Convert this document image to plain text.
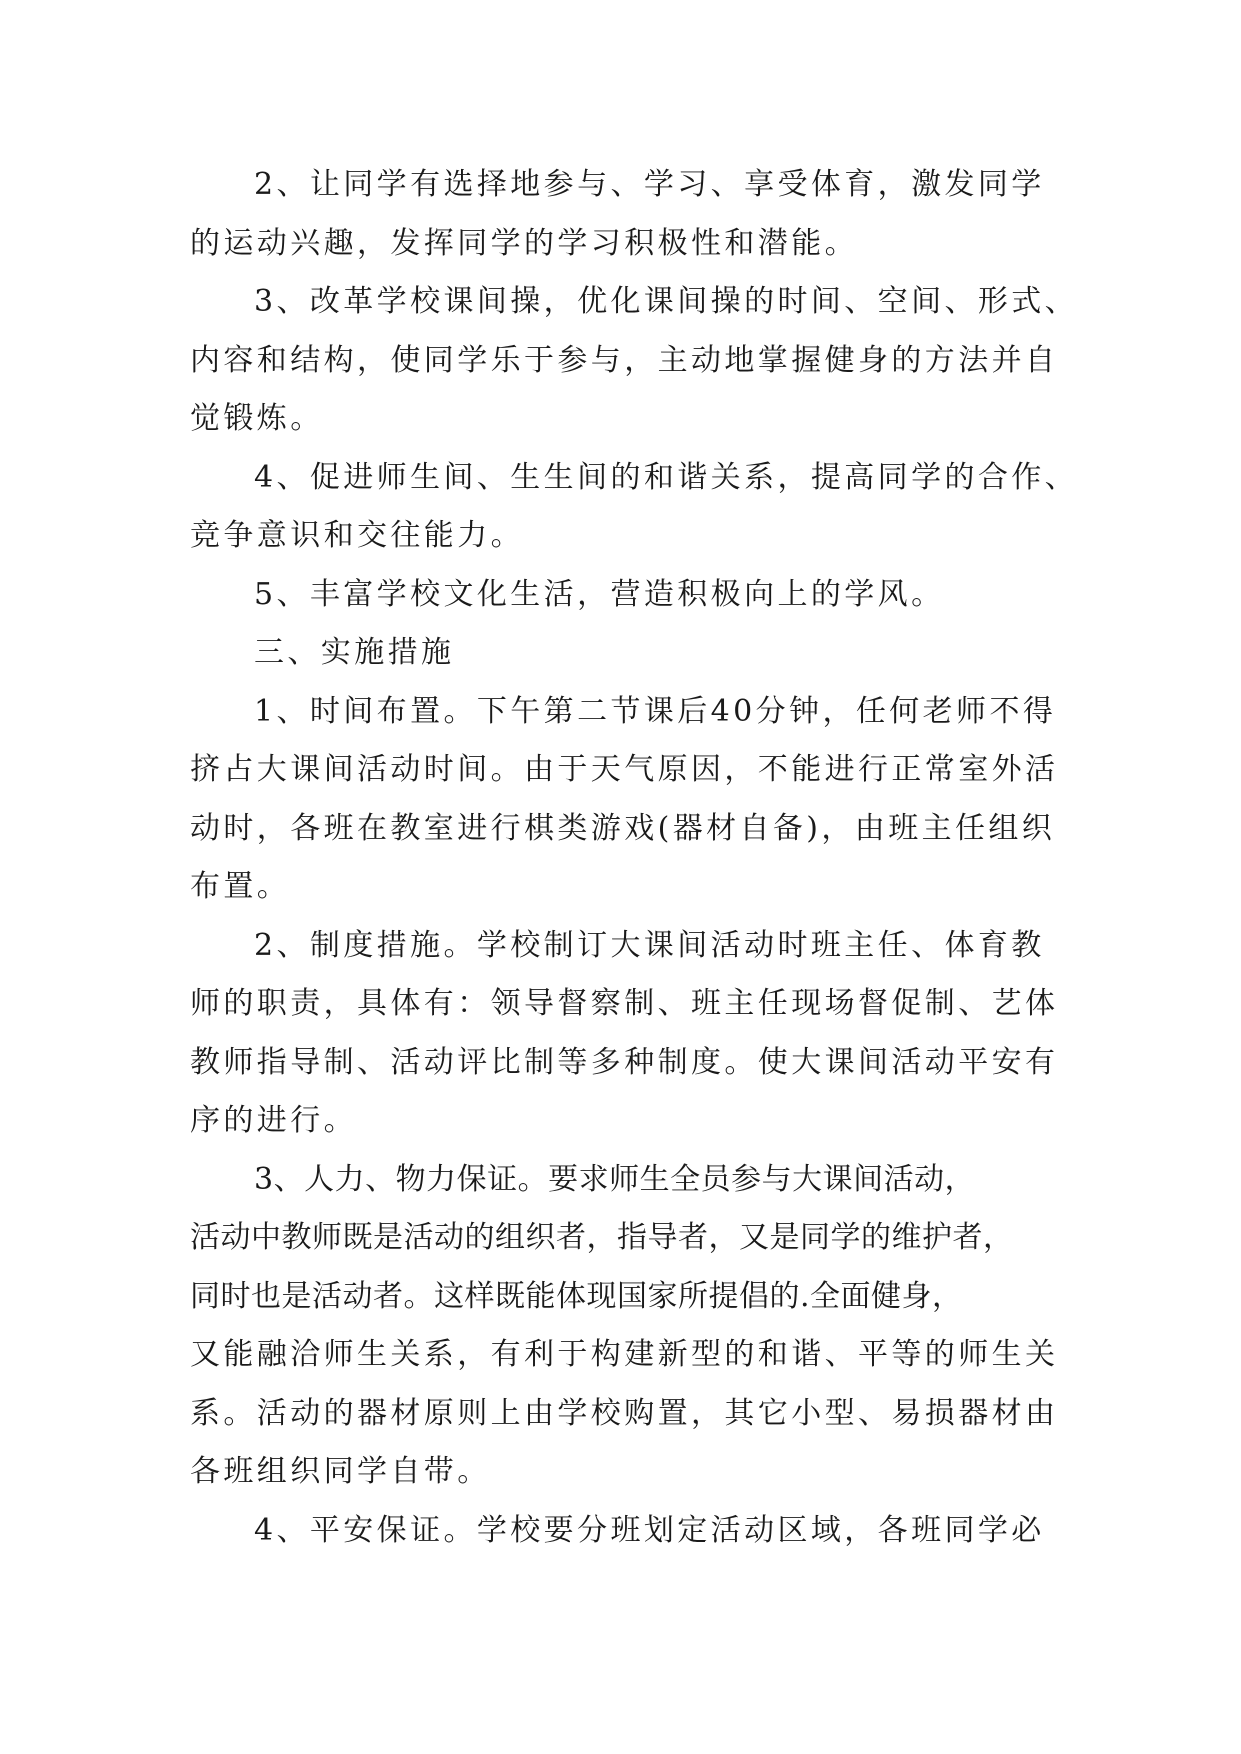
2、让同学有选择地参与、学习、享受体育，激发同学
的运动兴趣，发挥同学的学习积极性和潜能。

3、改革学校课间操，优化课间操的时间、空间、形式、
内容和结构，使同学乐于参与，主动地掌握健身的方法并自
觉锻炼。

4、促进师生间、生生间的和谐关系，提高同学的合作、
竞争意识和交往能力。

5、丰富学校文化生活，营造积极向上的学风。

三、实施措施

1、时间布置。下午第二节课后40分钟，任何老师不得
挤占大课间活动时间。由于天气原因，不能进行正常室外活
动时，各班在教室进行棋类游戏(器材自备)，由班主任组织
布置。

2、制度措施。学校制订大课间活动时班主任、体育教
师的职责，具体有：领导督察制、班主任现场督促制、艺体
教师指导制、活动评比制等多种制度。使大课间活动平安有
序的进行。

3、人力、物力保证。要求师生全员参与大课间活动，
活动中教师既是活动的组织者，指导者，又是同学的维护者，
同时也是活动者。这样既能体现国家所提倡的.全面健身，
又能融洽师生关系，有利于构建新型的和谐、平等的师生关
系。活动的器材原则上由学校购置，其它小型、易损器材由
各班组织同学自带。

4、平安保证。学校要分班划定活动区域，各班同学必
